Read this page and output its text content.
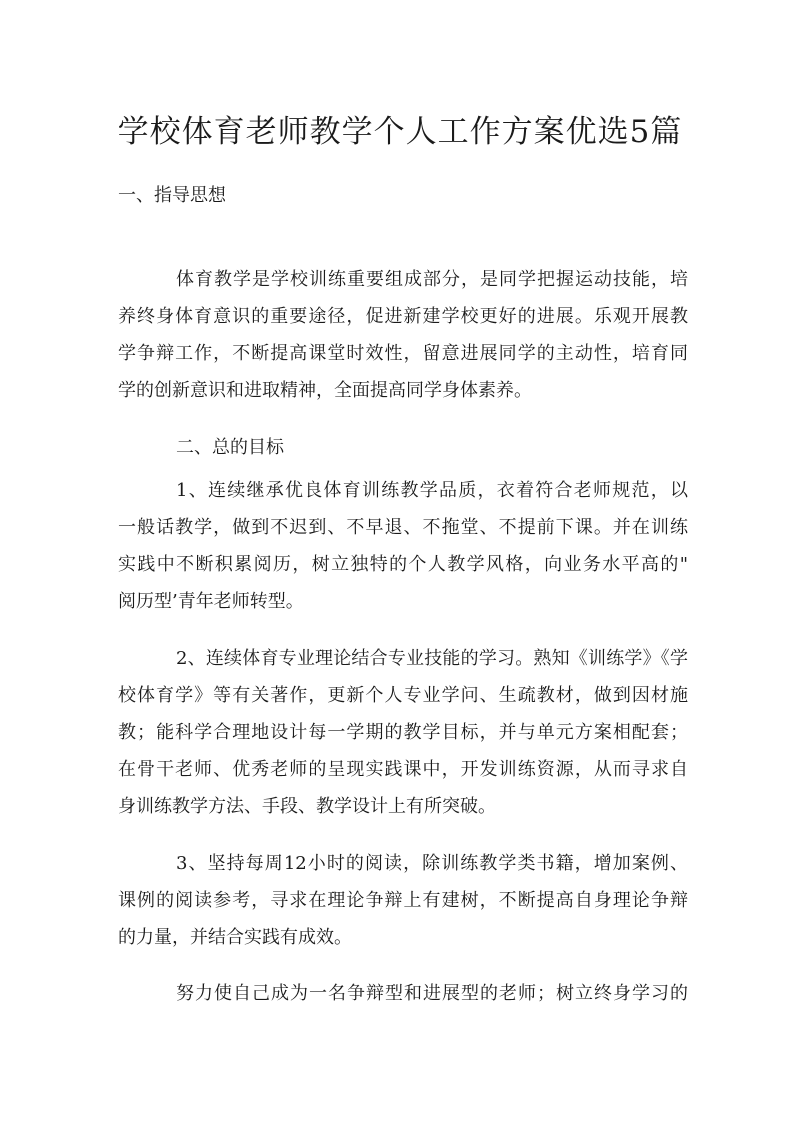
学校体育老师教学个人工作方案优选5篇
一、指导思想
体育教学是学校训练重要组成部分，是同学把握运动技能，培
养终身体育意识的重要途径，促进新建学校更好的进展。乐观开展教
学争辩工作，不断提高课堂时效性，留意进展同学的主动性，培育同
学的创新意识和进取精神，全面提高同学身体素养。
二、总的目标
1、连续继承优良体育训练教学品质，衣着符合老师规范，以
一般话教学，做到不迟到、不早退、不拖堂、不提前下课。并在训练
实践中不断积累阅历，树立独特的个人教学风格，向业务水平高的"
阅历型’青年老师转型。
2、连续体育专业理论结合专业技能的学习。熟知《训练学》《学
校体育学》等有关著作，更新个人专业学问、生疏教材，做到因材施
教；能科学合理地设计每一学期的教学目标，并与单元方案相配套；
在骨干老师、优秀老师的呈现实践课中，开发训练资源，从而寻求自
身训练教学方法、手段、教学设计上有所突破。
3、坚持每周12小时的阅读，除训练教学类书籍，增加案例、
课例的阅读参考，寻求在理论争辩上有建树，不断提高自身理论争辩
的力量，并结合实践有成效。
努力使自己成为一名争辩型和进展型的老师；树立终身学习的
